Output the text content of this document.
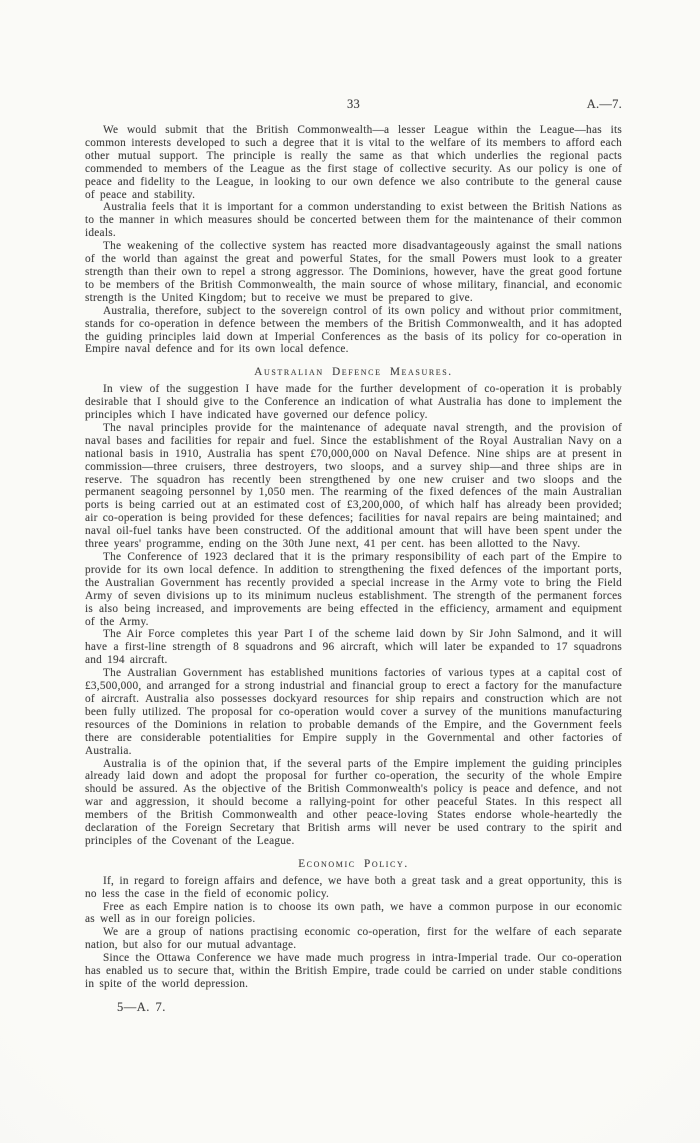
33	A.—7.

We would submit that the British Commonwealth—a lesser League within the League—has its common interests developed to such a degree that it is vital to the welfare of its members to afford each other mutual support. The principle is really the same as that which underlies the regional pacts commended to members of the League as the first stage of collective security. As our policy is one of peace and fidelity to the League, in looking to our own defence we also contribute to the general cause of peace and stability.

Australia feels that it is important for a common understanding to exist between the British Nations as to the manner in which measures should be concerted between them for the maintenance of their common ideals.

The weakening of the collective system has reacted more disadvantageously against the small nations of the world than against the great and powerful States, for the small Powers must look to a greater strength than their own to repel a strong aggressor. The Dominions, however, have the great good fortune to be members of the British Commonwealth, the main source of whose military, financial, and economic strength is the United Kingdom; but to receive we must be prepared to give.

Australia, therefore, subject to the sovereign control of its own policy and without prior commitment, stands for co-operation in defence between the members of the British Commonwealth, and it has adopted the guiding principles laid down at Imperial Conferences as the basis of its policy for co-operation in Empire naval defence and for its own local defence.

Australian Defence Measures.

In view of the suggestion I have made for the further development of co-operation it is probably desirable that I should give to the Conference an indication of what Australia has done to implement the principles which I have indicated have governed our defence policy.

The naval principles provide for the maintenance of adequate naval strength, and the provision of naval bases and facilities for repair and fuel. Since the establishment of the Royal Australian Navy on a national basis in 1910, Australia has spent £70,000,000 on Naval Defence. Nine ships are at present in commission—three cruisers, three destroyers, two sloops, and a survey ship—and three ships are in reserve. The squadron has recently been strengthened by one new cruiser and two sloops and the permanent seagoing personnel by 1,050 men. The rearming of the fixed defences of the main Australian ports is being carried out at an estimated cost of £3,200,000, of which half has already been provided; air co-operation is being provided for these defences; facilities for naval repairs are being maintained; and naval oil-fuel tanks have been constructed. Of the additional amount that will have been spent under the three years' programme, ending on the 30th June next, 41 per cent. has been allotted to the Navy.

The Conference of 1923 declared that it is the primary responsibility of each part of the Empire to provide for its own local defence. In addition to strengthening the fixed defences of the important ports, the Australian Government has recently provided a special increase in the Army vote to bring the Field Army of seven divisions up to its minimum nucleus establishment. The strength of the permanent forces is also being increased, and improvements are being effected in the efficiency, armament and equipment of the Army.

The Air Force completes this year Part I of the scheme laid down by Sir John Salmond, and it will have a first-line strength of 8 squadrons and 96 aircraft, which will later be expanded to 17 squadrons and 194 aircraft.

The Australian Government has established munitions factories of various types at a capital cost of £3,500,000, and arranged for a strong industrial and financial group to erect a factory for the manufacture of aircraft. Australia also possesses dockyard resources for ship repairs and construction which are not been fully utilized. The proposal for co-operation would cover a survey of the munitions manufacturing resources of the Dominions in relation to probable demands of the Empire, and the Government feels there are considerable potentialities for Empire supply in the Governmental and other factories of Australia.

Australia is of the opinion that, if the several parts of the Empire implement the guiding principles already laid down and adopt the proposal for further co-operation, the security of the whole Empire should be assured. As the objective of the British Commonwealth's policy is peace and defence, and not war and aggression, it should become a rallying-point for other peaceful States. In this respect all members of the British Commonwealth and other peace-loving States endorse whole-heartedly the declaration of the Foreign Secretary that British arms will never be used contrary to the spirit and principles of the Covenant of the League.

Economic Policy.

If, in regard to foreign affairs and defence, we have both a great task and a great opportunity, this is no less the case in the field of economic policy.

Free as each Empire nation is to choose its own path, we have a common purpose in our economic as well as in our foreign policies.

We are a group of nations practising economic co-operation, first for the welfare of each separate nation, but also for our mutual advantage.

Since the Ottawa Conference we have made much progress in intra-Imperial trade. Our co-operation has enabled us to secure that, within the British Empire, trade could be carried on under stable conditions in spite of the world depression.

5—A. 7.
